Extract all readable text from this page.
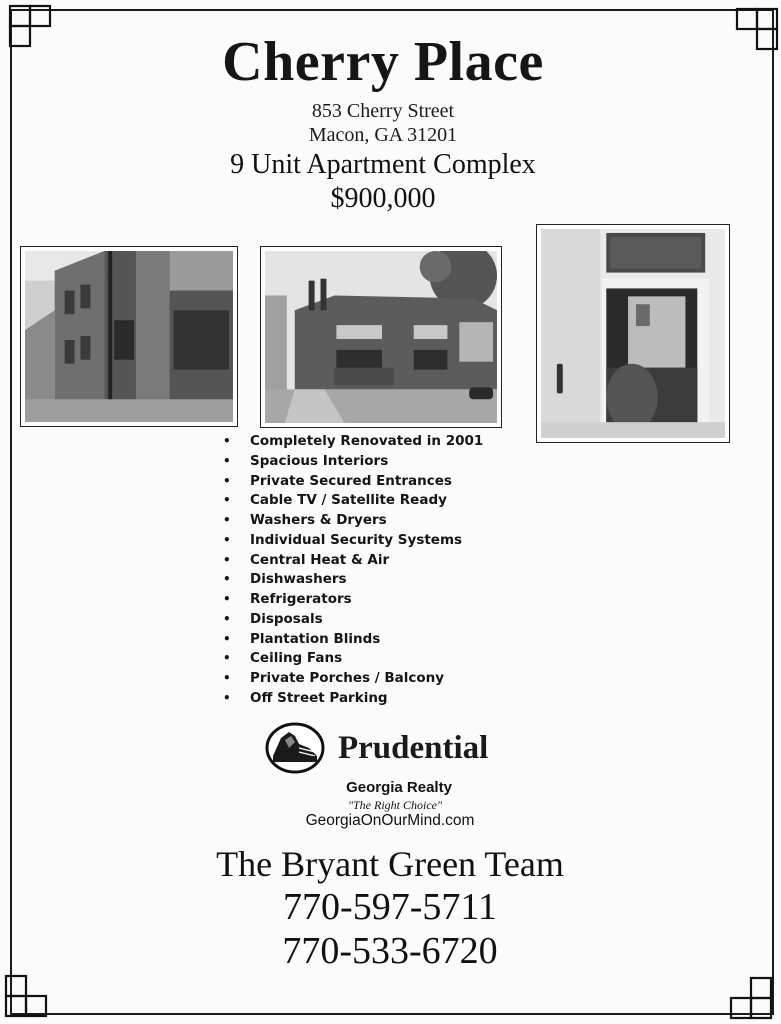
Cherry Place
853 Cherry Street
Macon, GA 31201
9 Unit Apartment Complex
$900,000
• Completely Renovated in 2001
• Spacious Interiors
• Private Secured Entrances
• Cable TV / Satellite Ready
• Washers & Dryers
• Individual Security Systems
• Central Heat & Air
• Dishwashers
• Refrigerators
• Disposals
• Plantation Blinds
• Ceiling Fans
• Private Porches / Balcony
• Off Street Parking
Prudential
Georgia Realty
"The Right Choice"
GeorgiaOnOurMind.com
The Bryant Green Team
770-597-5711
770-533-6720
